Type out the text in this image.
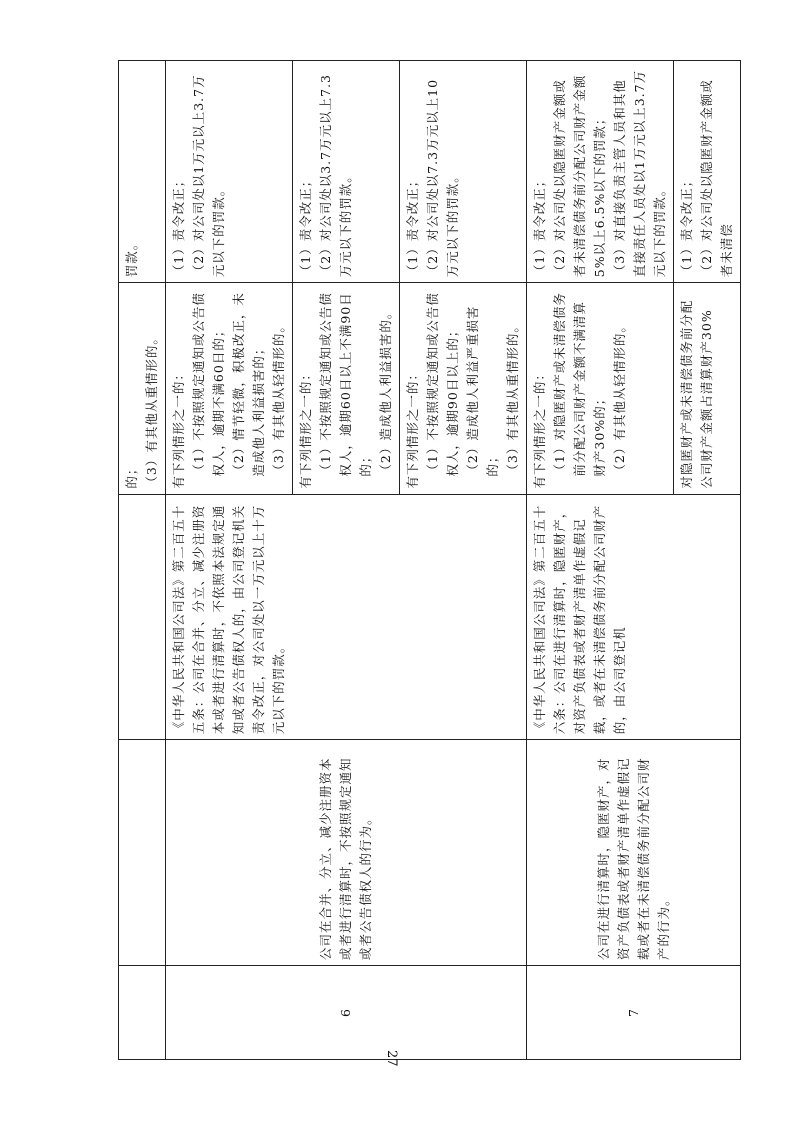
			的； （3）有其他从重情形的。	罚款。

6	公司在合并、分立、减少注册资本或者进行清算时，不按照规定通知或者公告债权人的行为。	《中华人民共和国公司法》第二百五十五条：公司在合并、分立、减少注册资本或者进行清算时，不依照本法规定通知或者公告债权人的，由公司登记机关责令改正，对公司处以一万元以上十万元以下的罚款。	有下列情形之一的： （1）不按照规定通知或公告债权人，逾期不满60日的； （2）情节轻微，积极改正，未造成他人利益损害的； （3）有其他从轻情形的。	（1）责令改正； （2）对公司处以1万元以上3.7万元以下的罚款。

			有下列情形之一的： （1）不按照规定通知或公告债权人，逾期60日以上不满90日的； （2）造成他人利益损害的。	（1）责令改正； （2）对公司处以3.7万元以上7.3万元以下的罚款。

			有下列情形之一的： （1）不按照规定通知或公告债权人，逾期90日以上的； （2）造成他人利益严重损害的； （3）有其他从重情形的。	（1）责令改正； （2）对公司处以7.3万元以上10万元以下的罚款。

7	公司在进行清算时，隐匿财产，对资产负债表或者财产清单作虚假记载或者在未清偿债务前分配公司财产的行为。	《中华人民共和国公司法》第二百五十六条：公司在进行清算时，隐匿财产，对资产负债表或者财产清单作虚假记载，或者在未清偿债务前分配公司财产的，由公司登记机	有下列情形之一的： （1）对隐匿财产或未清偿债务前分配公司财产金额不满清算财产30%的； （2）有其他从轻情形的。	（1）责令改正； （2）对公司处以隐匿财产金额或者未清偿债务前分配公司财产金额5%以上6.5%以下的罚款； （3）对直接负责主管人员和其他直接责任人员处以1万元以上3.7万元以下的罚款。

			对隐匿财产或未清偿债务前分配公司财产金额占清算财产30%	（1）责令改正； （2）对公司处以隐匿财产金额或者未清偿
27
